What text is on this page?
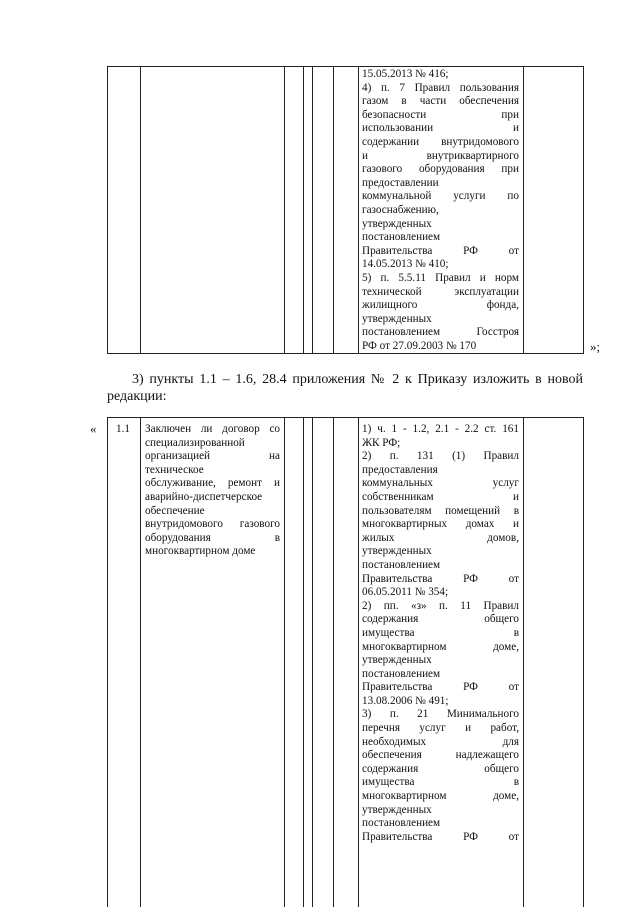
15.05.2013 № 416;

4) п. 7 Правил пользования

газом в части обеспечения

безопасности при

использовании и

содержании внутридомового

и внутриквартирного

газового оборудования при

предоставлении

коммунальной услуги по

газоснабжению,

утвержденных

постановлением

Правительства РФ от

14.05.2013 № 410;

5) п. 5.5.11 Правил и норм

технической эксплуатации

жилищного фонда,

утвержденных

постановлением Госстроя

РФ от 27.09.2003 № 170	»;
3) пункты 1.1 – 1.6, 28.4 приложения № 2 к Приказу изложить в новой
редакции:
« 1.1 Заключен ли договор со

специализированной

организацией на

техническое

обслуживание, ремонт и

аварийно-диспетчерское

обеспечение

внутридомового газового

оборудования в

многоквартирном доме

1) ч. 1 - 1.2, 2.1 - 2.2 ст. 161

ЖК РФ;

2) п. 131 (1) Правил

предоставления

коммунальных услуг

собственникам и

пользователям помещений в

многоквартирных домах и

жилых домов,

утвержденных

постановлением

Правительства РФ от

06.05.2011 № 354;

2) пп. «з» п. 11 Правил

содержания общего

имущества в

многоквартирном доме,

утвержденных

постановлением

Правительства РФ от

13.08.2006 № 491;

3) п. 21 Минимального

перечня услуг и работ,

необходимых для

обеспечения надлежащего

содержания общего

имущества в

многоквартирном доме,

утвержденных

постановлением

Правительства РФ от
